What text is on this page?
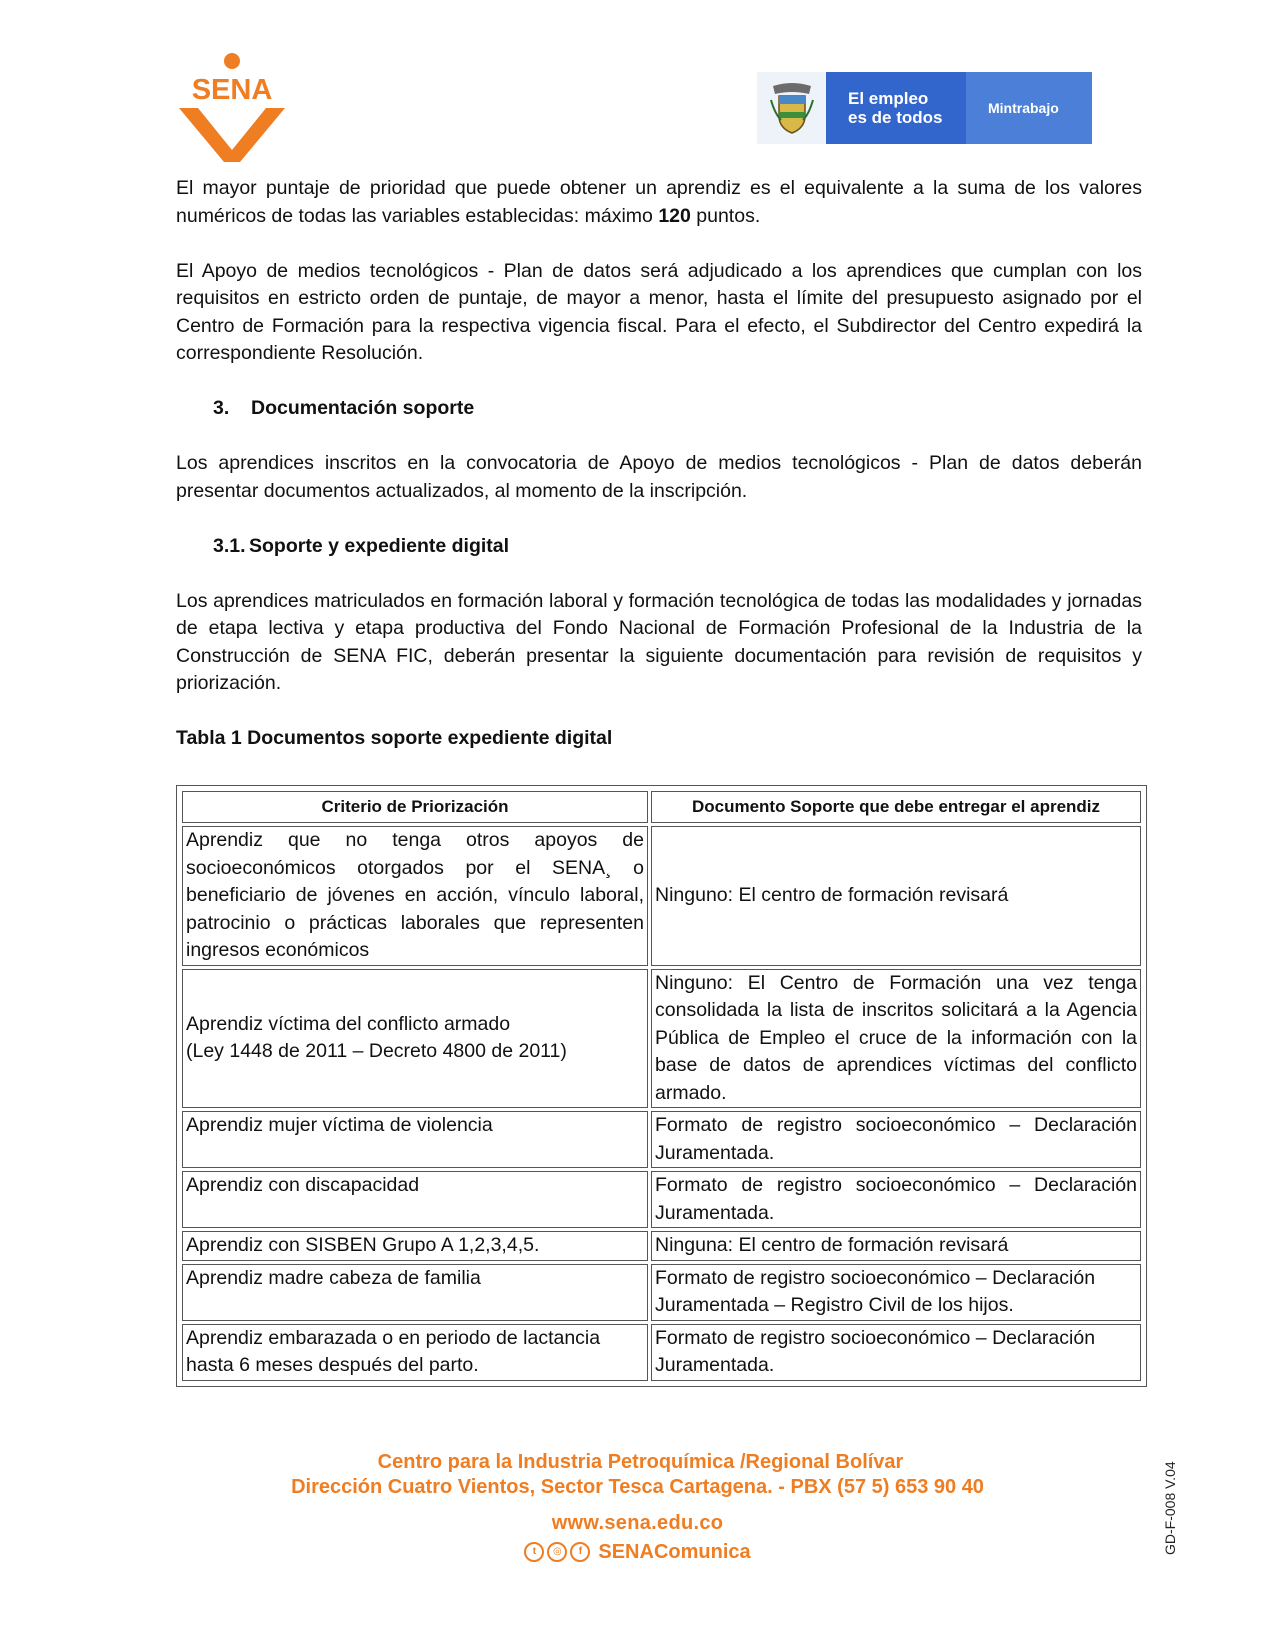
SENA	El empleo
es de todos	Mintrabajo

El mayor puntaje de prioridad que puede obtener un aprendiz es el equivalente a la suma de los valores numéricos de todas las variables establecidas: máximo 120 puntos.

El Apoyo de medios tecnológicos - Plan de datos será adjudicado a los aprendices que cumplan con los requisitos en estricto orden de puntaje, de mayor a menor, hasta el límite del presupuesto asignado por el Centro de Formación para la respectiva vigencia fiscal. Para el efecto, el Subdirector del Centro expedirá la correspondiente Resolución.

3. Documentación soporte

Los aprendices inscritos en la convocatoria de Apoyo de medios tecnológicos - Plan de datos deberán presentar documentos actualizados, al momento de la inscripción.

3.1. Soporte y expediente digital

Los aprendices matriculados en formación laboral y formación tecnológica de todas las modalidades y jornadas de etapa lectiva y etapa productiva del Fondo Nacional de Formación Profesional de la Industria de la Construcción de SENA FIC, deberán presentar la siguiente documentación para revisión de requisitos y priorización.

Tabla 1 Documentos soporte expediente digital

Criterio de Priorización	Documento Soporte que debe entregar el aprendiz
Aprendiz que no tenga otros apoyos de socioeconómicos otorgados por el SENA¸ o beneficiario de jóvenes en acción, vínculo laboral, patrocinio o prácticas laborales que representen ingresos económicos	Ninguno: El centro de formación revisará
Aprendiz víctima del conflicto armado
(Ley 1448 de 2011 – Decreto 4800 de 2011)	Ninguno: El Centro de Formación una vez tenga consolidada la lista de inscritos solicitará a la Agencia Pública de Empleo el cruce de la información con la base de datos de aprendices víctimas del conflicto armado.
Aprendiz mujer víctima de violencia	Formato de registro socioeconómico – Declaración Juramentada.
Aprendiz con discapacidad	Formato de registro socioeconómico – Declaración Juramentada.
Aprendiz con SISBEN Grupo A 1,2,3,4,5.	Ninguna: El centro de formación revisará
Aprendiz madre cabeza de familia	Formato de registro socioeconómico – Declaración Juramentada – Registro Civil de los hijos.
Aprendiz embarazada o en periodo de lactancia hasta 6 meses después del parto.	Formato de registro socioeconómico – Declaración Juramentada.
Centro para la Industria Petroquímica /Regional Bolívar
Dirección Cuatro Vientos, Sector Tesca Cartagena. - PBX (57 5) 653 90 40
www.sena.edu.co
t	◎	f SENAComunica	GD-F-008 V.04
